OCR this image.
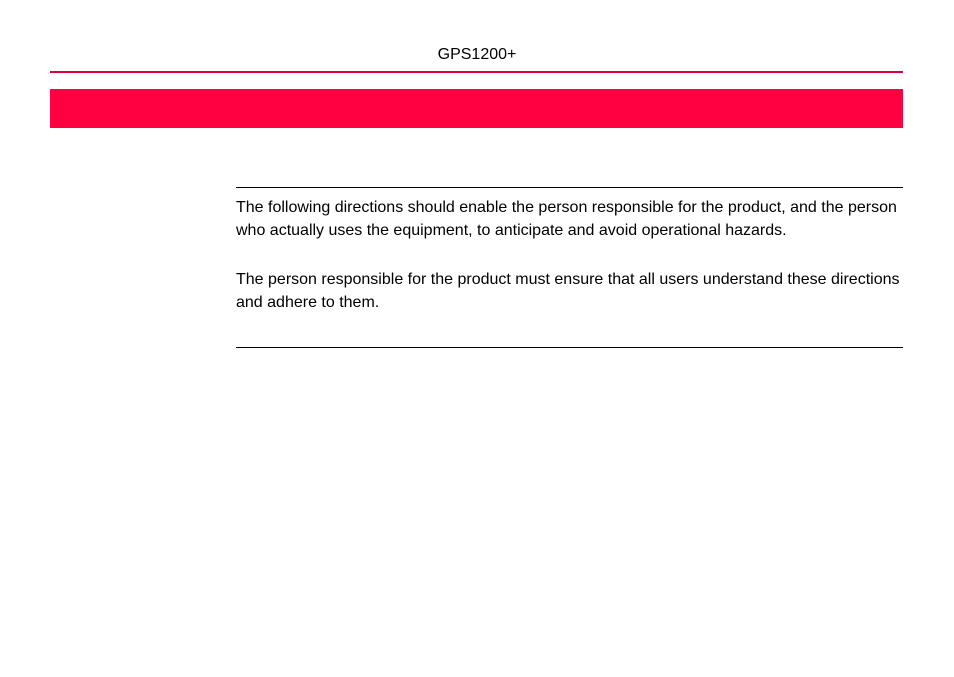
GPS1200+

The following directions should enable the person responsible for the product, and the person who actually uses the equipment, to anticipate and avoid operational hazards.

The person responsible for the product must ensure that all users understand these directions and adhere to them.
